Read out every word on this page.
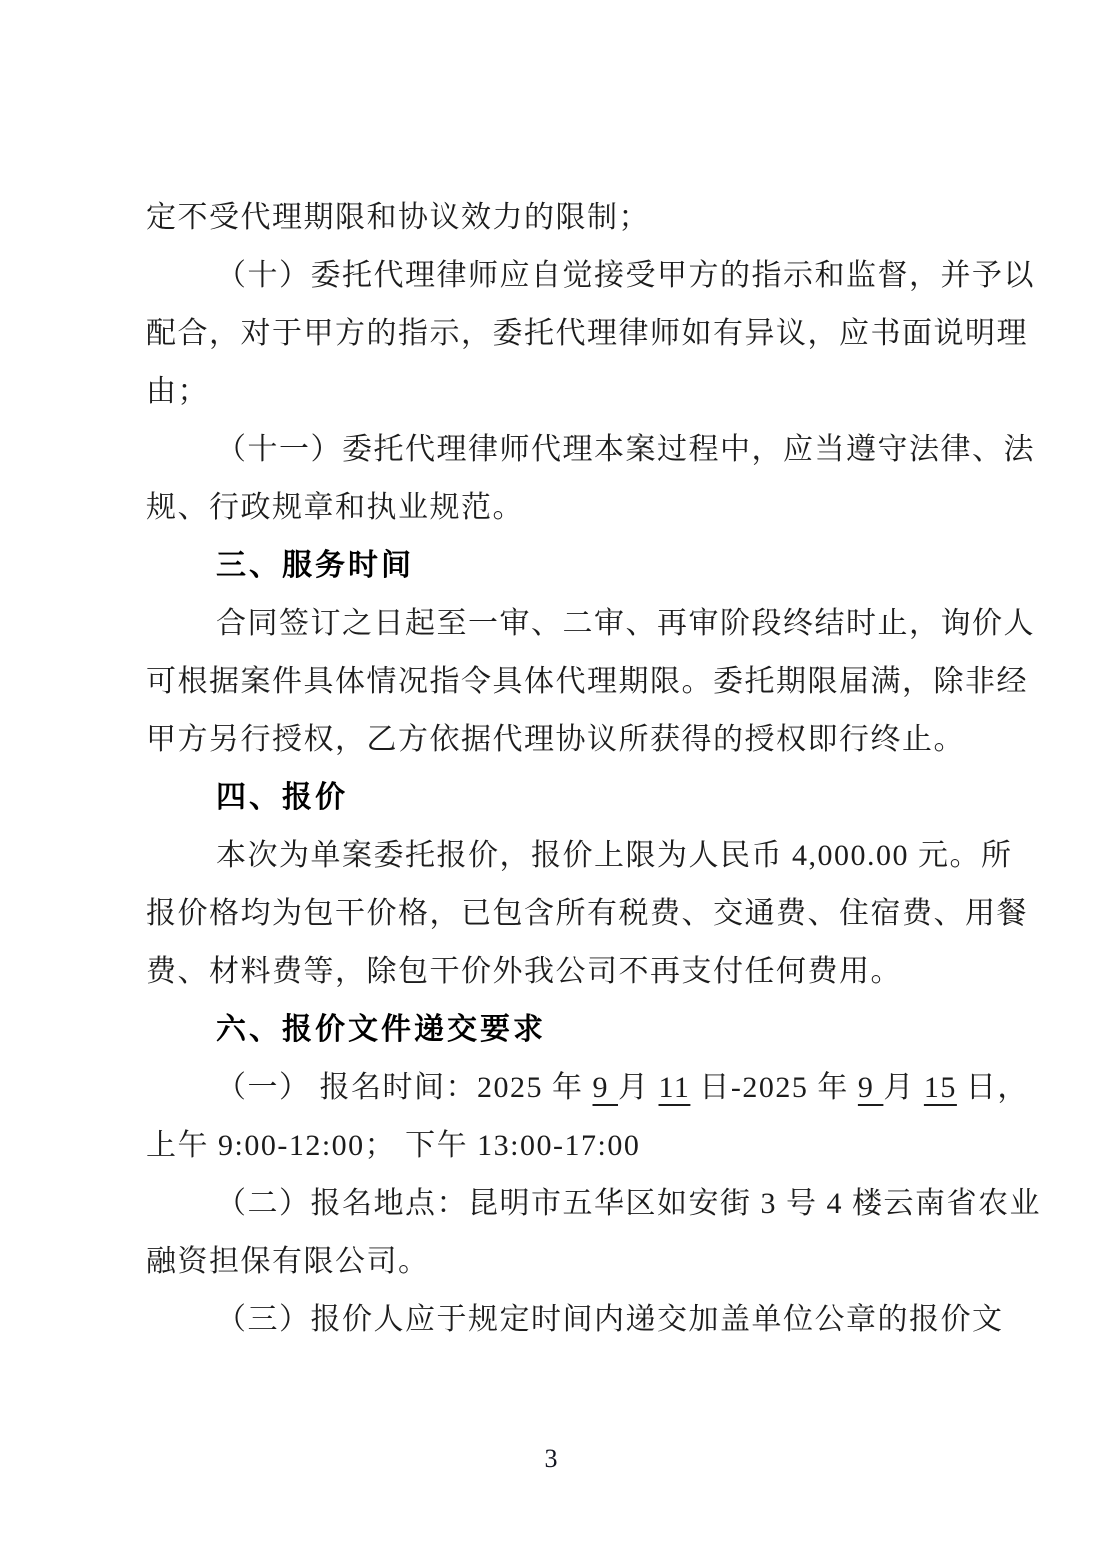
定不受代理期限和协议效力的限制；
（十）委托代理律师应自觉接受甲方的指示和监督，并予以
配合，对于甲方的指示，委托代理律师如有异议，应书面说明理
由；
（十一）委托代理律师代理本案过程中，应当遵守法律、法
规、行政规章和执业规范。
三、服务时间
合同签订之日起至一审、二审、再审阶段终结时止，询价人
可根据案件具体情况指令具体代理期限。委托期限届满，除非经
甲方另行授权，乙方依据代理协议所获得的授权即行终止。
四、报价
本次为单案委托报价，报价上限为人民币 4,000.00 元。所
报价格均为包干价格，已包含所有税费、交通费、住宿费、用餐
费、材料费等，除包干价外我公司不再支付任何费用。
六、报价文件递交要求
（一） 报名时间：2025 年 9 月 11 日-2025 年 9 月 15 日，
上午 9:00-12:00； 下午 13:00-17:00
（二）报名地点：昆明市五华区如安街 3 号 4 楼云南省农业
融资担保有限公司。
（三）报价人应于规定时间内递交加盖单位公章的报价文
3
